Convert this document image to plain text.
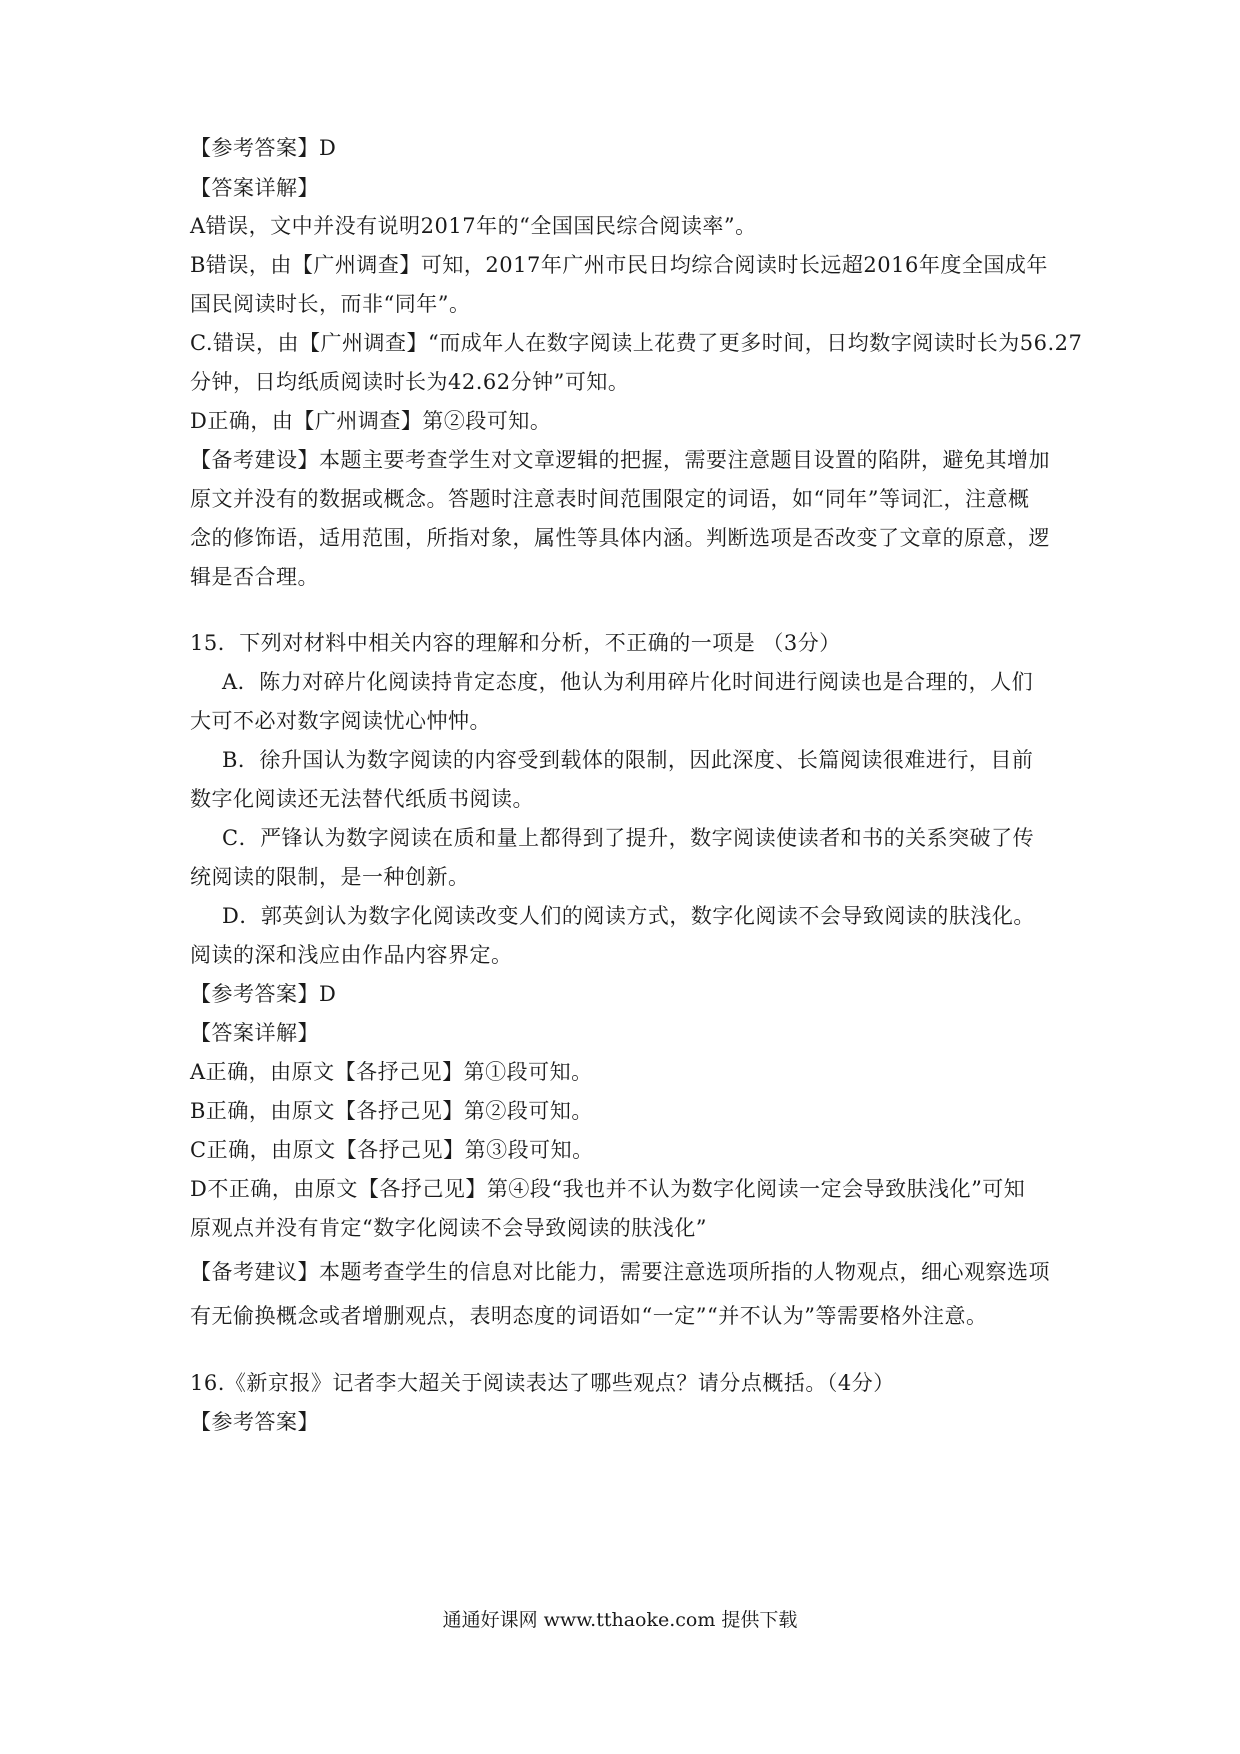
【参考答案】D
【答案详解】
A错误，文中并没有说明2017年的“全国国民综合阅读率”。
B错误，由【广州调查】可知，2017年广州市民日均综合阅读时长远超2016年度全国成年
国民阅读时长，而非“同年”。
C.错误，由【广州调查】“而成年人在数字阅读上花费了更多时间，日均数字阅读时长为56.27
分钟，日均纸质阅读时长为42.62分钟”可知。
D正确，由【广州调查】第②段可知。
【备考建设】本题主要考查学生对文章逻辑的把握，需要注意题目设置的陷阱，避免其增加
原文并没有的数据或概念。答题时注意表时间范围限定的词语，如“同年”等词汇，注意概
念的修饰语，适用范围，所指对象，属性等具体内涵。判断选项是否改变了文章的原意，逻
辑是否合理。
15．下列对材料中相关内容的理解和分析，不正确的一项是 （3分）
A．陈力对碎片化阅读持肯定态度，他认为利用碎片化时间进行阅读也是合理的，人们
大可不必对数字阅读忧心忡忡。
B．徐升国认为数字阅读的内容受到载体的限制，因此深度、长篇阅读很难进行，目前
数字化阅读还无法替代纸质书阅读。
C．严锋认为数字阅读在质和量上都得到了提升，数字阅读使读者和书的关系突破了传
统阅读的限制，是一种创新。
D．郭英剑认为数字化阅读改变人们的阅读方式，数字化阅读不会导致阅读的肤浅化。
阅读的深和浅应由作品内容界定。
【参考答案】D
【答案详解】
A正确，由原文【各抒己见】第①段可知。
B正确，由原文【各抒己见】第②段可知。
C正确，由原文【各抒己见】第③段可知。
D不正确，由原文【各抒己见】第④段“我也并不认为数字化阅读一定会导致肤浅化”可知
原观点并没有肯定“数字化阅读不会导致阅读的肤浅化”
【备考建议】本题考查学生的信息对比能力，需要注意选项所指的人物观点，细心观察选项
有无偷换概念或者增删观点，表明态度的词语如“一定”“并不认为”等需要格外注意。
16.《新京报》记者李大超关于阅读表达了哪些观点？请分点概括。（4分）
【参考答案】
通通好课网 www.tthaoke.com 提供下载
